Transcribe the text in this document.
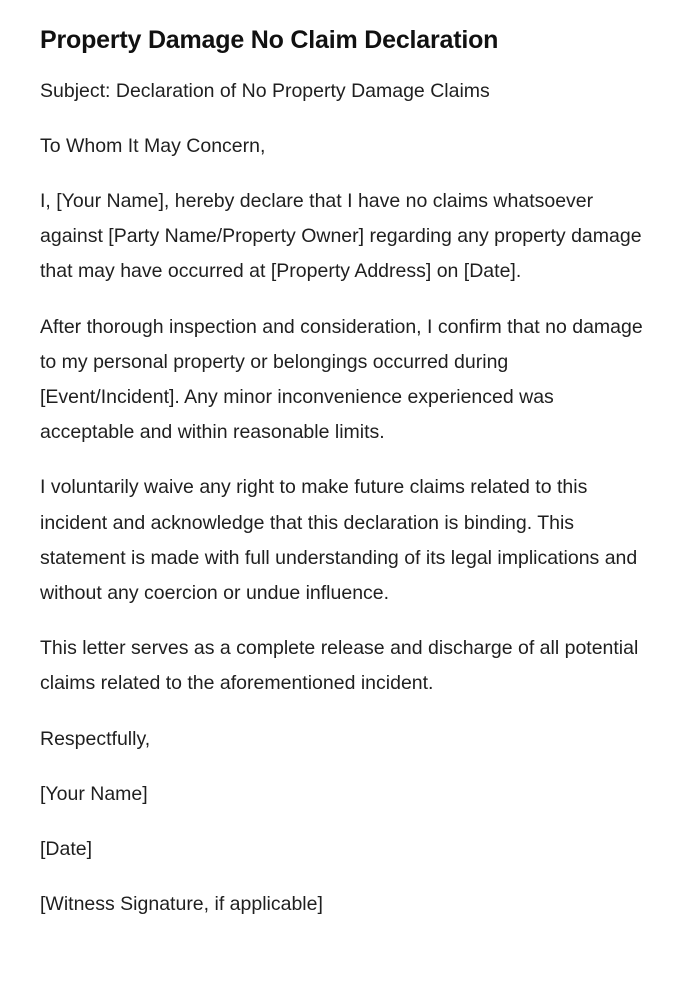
Property Damage No Claim Declaration

Subject: Declaration of No Property Damage Claims

To Whom It May Concern,

I, [Your Name], hereby declare that I have no claims whatsoever against [Party Name/Property Owner] regarding any property damage that may have occurred at [Property Address] on [Date].

After thorough inspection and consideration, I confirm that no damage to my personal property or belongings occurred during [Event/Incident]. Any minor inconvenience experienced was acceptable and within reasonable limits.

I voluntarily waive any right to make future claims related to this incident and acknowledge that this declaration is binding. This statement is made with full understanding of its legal implications and without any coercion or undue influence.

This letter serves as a complete release and discharge of all potential claims related to the aforementioned incident.

Respectfully,

[Your Name]

[Date]

[Witness Signature, if applicable]
